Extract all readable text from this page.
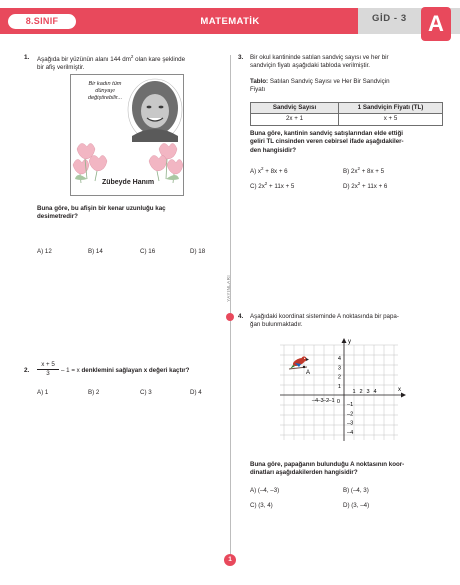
8.SINIF	MATEMATİK	GİD - 3 A
YAYINLARI
1. Aşağıda bir yüzünün alanı 144 $dm^2$ olan kare şeklinde
bir afiş verilmiştir.
Bir kadın tüm dünyayı değiştirebilir...
Zübeyde Hanım
Buna göre, bu afişin bir kenar uzunluğu kaç
desimetredir?
A) 12	B) 14	C) 16	D) 18
2. $\frac{x + 5}{3} - 1 = x$ denklemini sağlayan x değeri kaçtır?
A) 1	B) 2	C) 3	D) 4
3. Bir okul kantininde satılan sandviç sayısı ve her bir
sandviçin fiyatı aşağıdaki tabloda verilmiştir.
Tablo: Satılan Sandviç Sayısı ve Her Bir Sandviçin
Fiyatı
Sandviç Sayısı	1 Sandviçin Fiyatı (TL)
2x + 1	x + 5
Buna göre, kantinin sandviç satışlarından elde ettiği
geliri TL cinsinden veren cebirsel ifade aşağıdakiler-
den hangisidir?
A) $x^2 + 8x + 6$	B) $2x^2 + 8x + 5$
C) $2x^2 + 11x + 5$	D) $2x^2 + 11x + 6$
4. Aşağıdaki koordinat sisteminde A noktasında bir papa-
ğan bulunmaktadır.
x
y
0
–4 –3 –2 –1
1 2 3 4
4
3
2
1
–1
–2
–3
–4
A
Buna göre, papağanın bulunduğu A noktasının koor-
dinatları aşağıdakilerden hangisidir?
A) (–4, –3)	B) (–4, 3)
C) (3, 4)	D) (3, –4)
1
